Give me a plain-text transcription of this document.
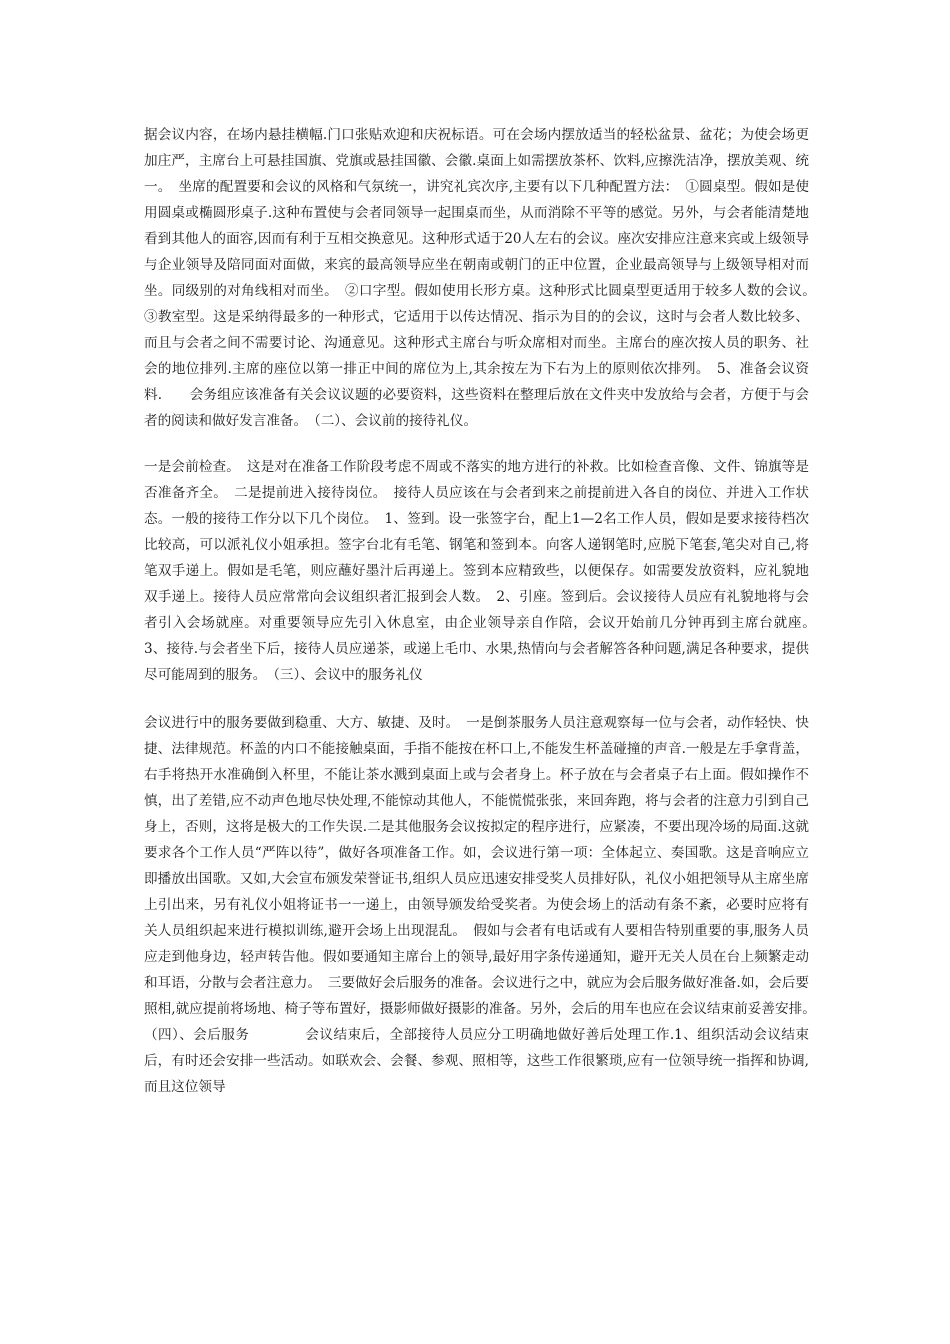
据会议内容，在场内悬挂横幅.门口张贴欢迎和庆祝标语。可在会场内摆放适当的轻松盆景、盆花；为使会场更加庄严，主席台上可悬挂国旗、党旗或悬挂国徽、会徽.桌面上如需摆放茶杯、饮料,应擦洗洁净，摆放美观、统一。　坐席的配置要和会议的风格和气氛统一，讲究礼宾次序,主要有以下几种配置方法：　①圆桌型。假如是使用圆桌或椭圆形桌子.这种布置使与会者同领导一起围桌而坐，从而消除不平等的感觉。另外，与会者能清楚地看到其他人的面容,因而有利于互相交换意见。这种形式适于20人左右的会议。座次安排应注意来宾或上级领导与企业领导及陪同面对面做，来宾的最高领导应坐在朝南或朝门的正中位置，企业最高领导与上级领导相对而坐。同级别的对角线相对而坐。　②口字型。假如使用长形方桌。这种形式比圆桌型更适用于较多人数的会议。　③教室型。这是采纳得最多的一种形式，它适用于以传达情况、指示为目的的会议，这时与会者人数比较多、而且与会者之间不需要讨论、沟通意见。这种形式主席台与听众席相对而坐。主席台的座次按人员的职务、社会的地位排列.主席的座位以第一排正中间的席位为上,其余按左为下右为上的原则依次排列。　5、准备会议资料.　　会务组应该准备有关会议议题的必要资料，这些资料在整理后放在文件夹中发放给与会者，方便于与会者的阅读和做好发言准备。　（二）、会议前的接待礼仪。

一是会前检查。　这是对在准备工作阶段考虑不周或不落实的地方进行的补救。比如检查音像、文件、锦旗等是否准备齐全。　二是提前进入接待岗位。　接待人员应该在与会者到来之前提前进入各自的岗位、并进入工作状态。一般的接待工作分以下几个岗位。　1、签到。设一张签字台，配上1—2名工作人员，假如是要求接待档次比较高，可以派礼仪小姐承担。签字台北有毛笔、钢笔和签到本。向客人递钢笔时,应脱下笔套,笔尖对自己,将笔双手递上。假如是毛笔，则应蘸好墨汁后再递上。签到本应精致些，以便保存。如需要发放资料，应礼貌地双手递上。接待人员应常常向会议组织者汇报到会人数。　2、引座。签到后。会议接待人员应有礼貌地将与会者引入会场就座。对重要领导应先引入休息室，由企业领导亲自作陪，会议开始前几分钟再到主席台就座。　3、接待.与会者坐下后，接待人员应递茶，或递上毛巾、水果,热情向与会者解答各种问题,满足各种要求，提供尽可能周到的服务。　（三）、会议中的服务礼仪

会议进行中的服务要做到稳重、大方、敏捷、及时。　一是倒茶服务人员注意观察每一位与会者，动作轻快、快捷、法律规范。杯盖的内口不能接触桌面，手指不能按在杯口上,不能发生杯盖碰撞的声音.一般是左手拿背盖，右手将热开水准确倒入杯里，不能让茶水溅到桌面上或与会者身上。杯子放在与会者桌子右上面。假如操作不慎，出了差错,应不动声色地尽快处理,不能惊动其他人，不能慌慌张张，来回奔跑，将与会者的注意力引到自己身上，否则，这将是极大的工作失误.二是其他服务会议按拟定的程序进行，应紧凑，不要出现冷场的局面.这就要求各个工作人员“严阵以待”，做好各项准备工作。如，会议进行第一项：全体起立、奏国歌。这是音响应立即播放出国歌。又如,大会宣布颁发荣誉证书,组织人员应迅速安排受奖人员排好队，礼仪小姐把领导从主席坐席上引出来，另有礼仪小姐将证书一一递上，由领导颁发给受奖者。为使会场上的活动有条不紊，必要时应将有关人员组织起来进行模拟训练,避开会场上出现混乱。　假如与会者有电话或有人要相告特别重要的事,服务人员应走到他身边，轻声转告他。假如要通知主席台上的领导,最好用字条传递通知，避开无关人员在台上频繁走动和耳语，分散与会者注意力。　三要做好会后服务的准备。会议进行之中，就应为会后服务做好准备.如，会后要照相,就应提前将场地、椅子等布置好，摄影师做好摄影的准备。另外，会后的用车也应在会议结束前妥善安排。　（四）、会后服务　　　　会议结束后，全部接待人员应分工明确地做好善后处理工作.1、组织活动会议结束后，有时还会安排一些活动。如联欢会、会餐、参观、照相等，这些工作很繁琐,应有一位领导统一指挥和协调,而且这位领导
